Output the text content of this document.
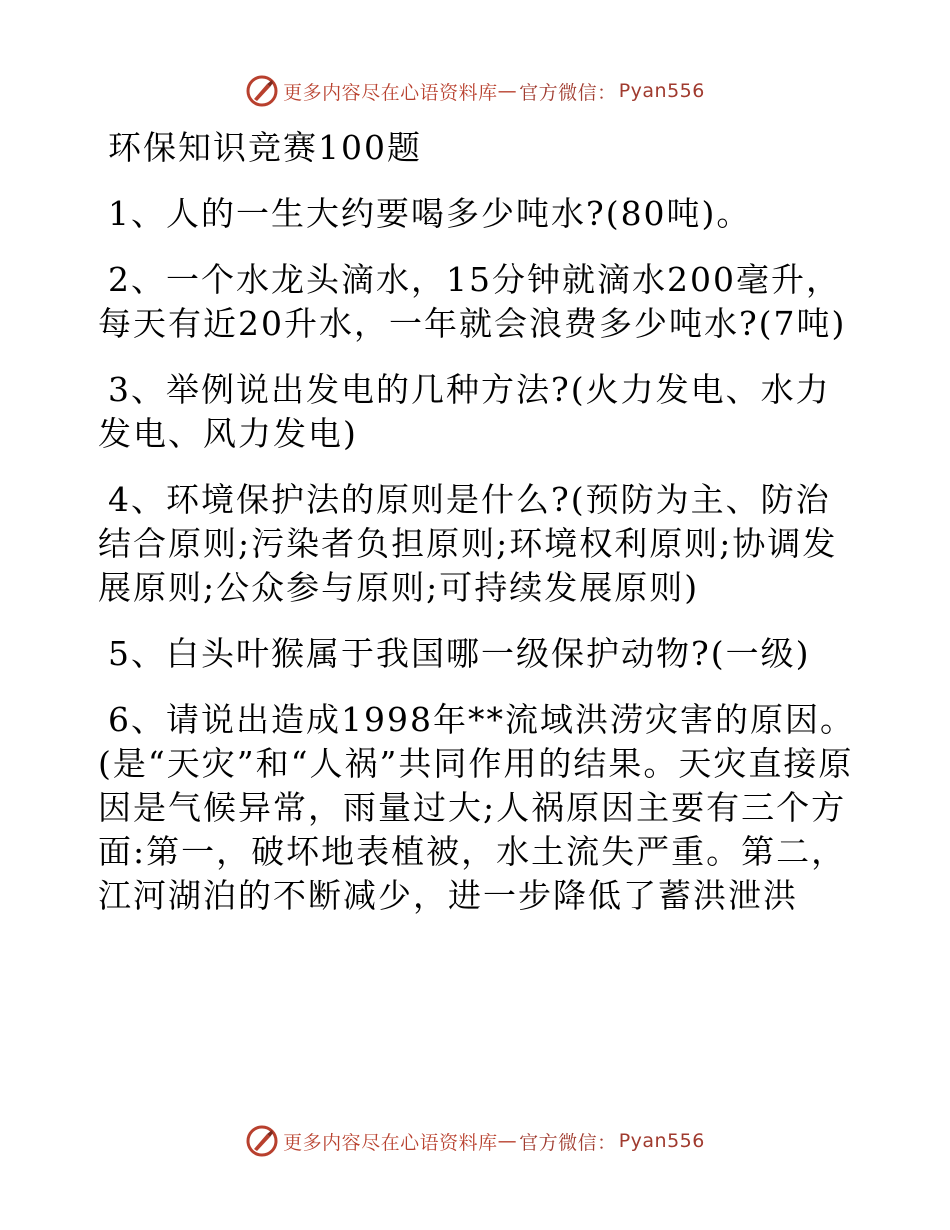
更多内容尽在心语资料库 — 官方微信： Pyan556
环保知识竞赛100题
1、人的一生大约要喝多少吨水?(80吨)。
2、一个水龙头滴水，15分钟就滴水200毫升，每天有近20升水，一年就会浪费多少吨水?(7吨)
3、举例说出发电的几种方法?(火力发电、水力发电、风力发电)
4、环境保护法的原则是什么?(预防为主、防治结合原则;污染者负担原则;环境权利原则;协调发展原则;公众参与原则;可持续发展原则)
5、白头叶猴属于我国哪一级保护动物?(一级)
6、请说出造成1998年**流域洪涝灾害的原因。(是“天灾”和“人祸”共同作用的结果。天灾直接原因是气候异常，雨量过大;人祸原因主要有三个方面:第一，破坏地表植被，水土流失严重。第二，江河湖泊的不断减少，进一步降低了蓄洪泄洪
更多内容尽在心语资料库 — 官方微信： Pyan556
